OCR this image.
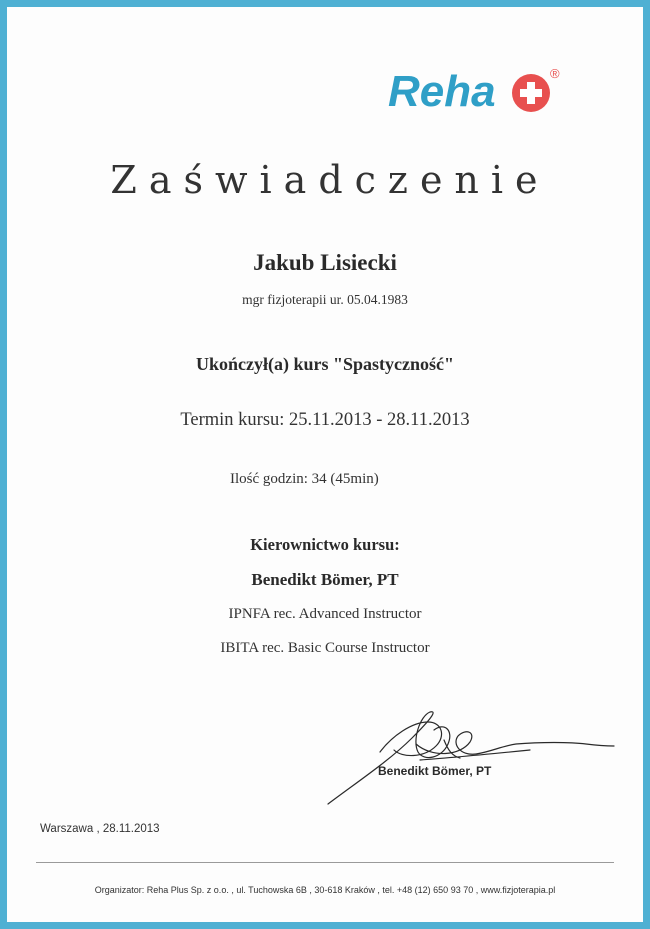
Reha	®
Zaświadczenie
Jakub Lisiecki
mgr fizjoterapii ur. 05.04.1983
Ukończył(a) kurs "Spastyczność"
Termin kursu: 25.11.2013 - 28.11.2013
Ilość godzin: 34 (45min)
Kierownictwo kursu:
Benedikt Bömer, PT
IPNFA rec. Advanced Instructor
IBITA rec. Basic Course Instructor
Benedikt Bömer, PT
Warszawa , 28.11.2013
Organizator: Reha Plus Sp. z o.o. , ul. Tuchowska 6B , 30-618 Kraków , tel. +48 (12) 650 93 70 , www.fizjoterapia.pl
